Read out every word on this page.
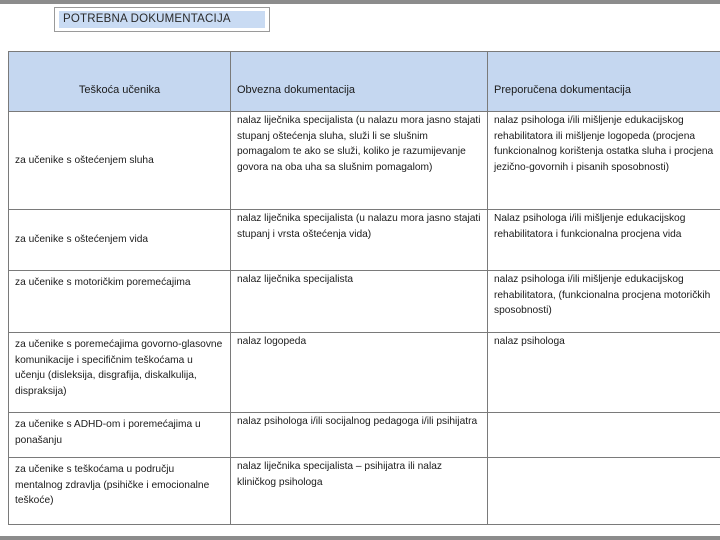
POTREBNA DOKUMENTACIJA
Teškoća učenika	Obvezna dokumentacija	Preporučena dokumentacija
za učenike s oštećenjem sluha	nalaz liječnika specijalista (u nalazu mora jasno stajati stupanj oštećenja sluha, služi li se slušnim pomagalom te ako se služi, koliko je razumijevanje govora na oba uha sa slušnim pomagalom)	nalaz psihologa i/ili mišljenje edukacijskog rehabilitatora ili mišljenje logopeda (procjena funkcionalnog korištenja ostatka sluha i procjena jezično-govornih i pisanih sposobnosti)
za učenike s oštećenjem vida	nalaz liječnika specijalista (u nalazu mora jasno stajati stupanj i vrsta oštećenja vida)	Nalaz psihologa i/ili mišljenje edukacijskog rehabilitatora i funkcionalna procjena vida
za učenike s motoričkim poremećajima	nalaz liječnika specijalista	nalaz psihologa i/ili mišljenje edukacijskog rehabilitatora, (funkcionalna procjena motoričkih sposobnosti)
za učenike s poremećajima govorno-glasovne komunikacije i specifičnim teškoćama u učenju (disleksija, disgrafija, diskalkulija, dispraksija)	nalaz logopeda	nalaz psihologa
za učenike s ADHD-om i poremećajima u ponašanju	nalaz psihologa i/ili socijalnog pedagoga i/ili psihijatra	
za učenike s teškoćama u području mentalnog zdravlja (psihičke i emocionalne teškoće)	nalaz liječnika specijalista – psihijatra ili nalaz kliničkog psihologa	
